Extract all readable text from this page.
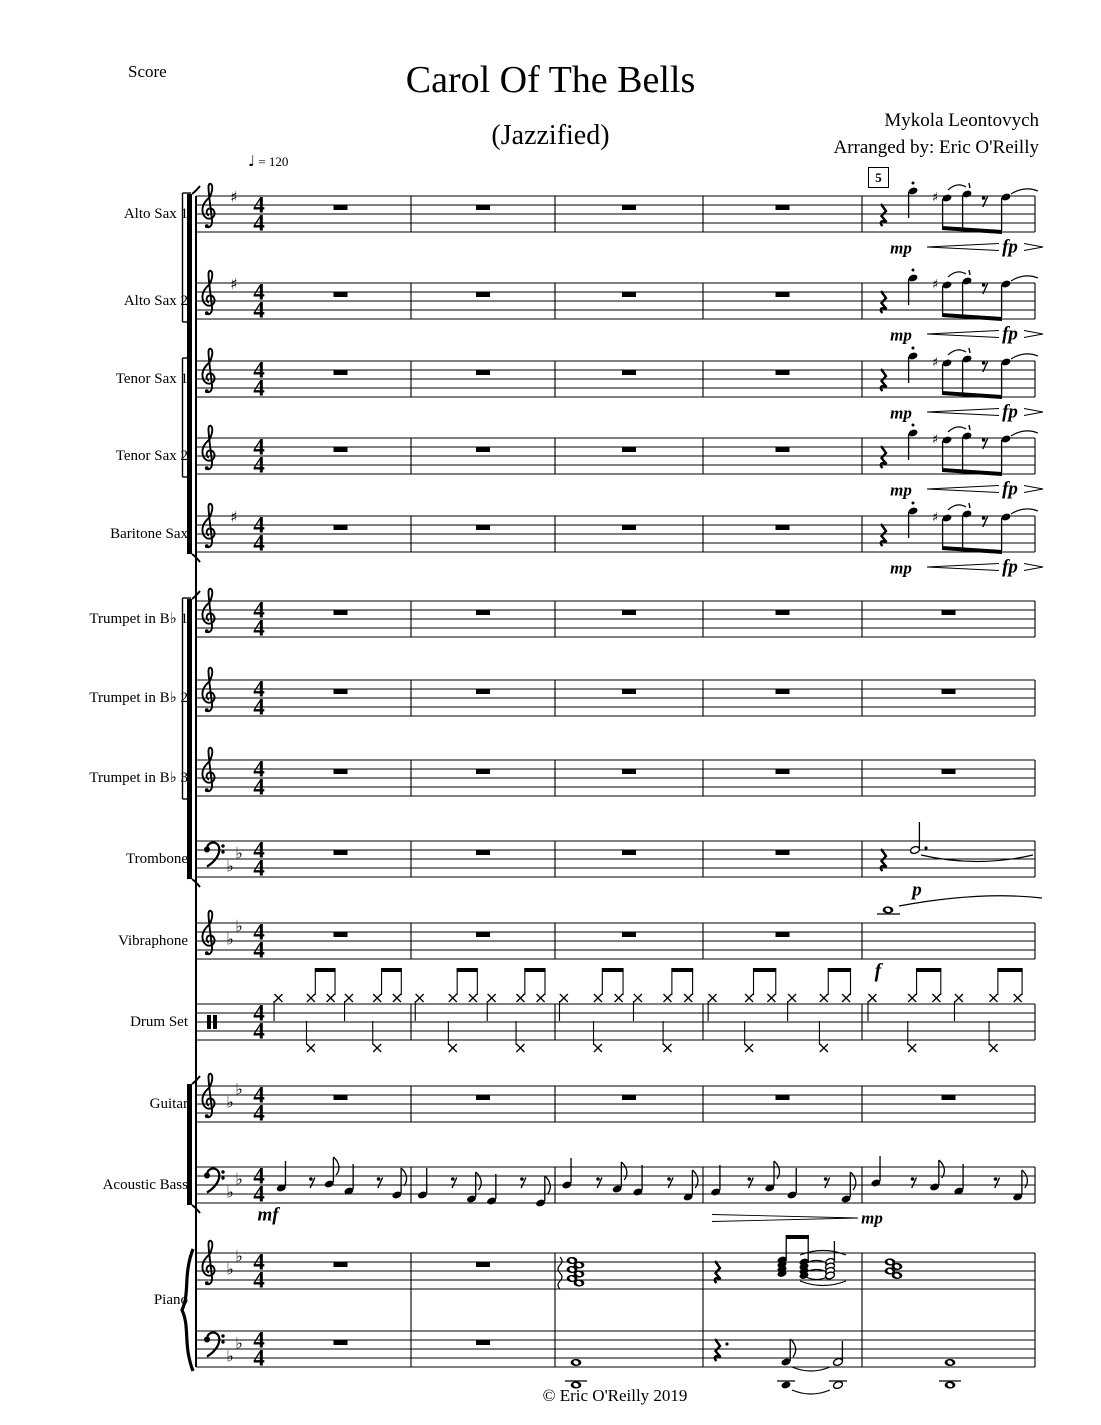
Score	Carol Of The Bells
(Jazzified)	Mykola Leontovych
Arranged by: Eric O'Reilly
♩ = 120
5
♯ 4
4
♯
mp	fp
♯ 4
4
♯
mp	fp
4
4
♯
mp	fp
4
4
♯
mp	fp
♯ 4
4
♯
mp	fp
4
4
4
4
4
4
♭
♭ 4
4
p
♭
♭ 4
4
f
4
4
♭
♭ 4
4
♭
♭ 4
4
mf	mp
♭
♭ 4
4
♭
♭ 4
4
Alto Sax 1
Alto Sax 2
Tenor Sax 1
Tenor Sax 2
Baritone Sax
Trumpet in B♭ 1
Trumpet in B♭ 2
Trumpet in B♭ 3
Trombone
Vibraphone
Drum Set
Guitar
Acoustic Bass
Piano
© Eric O'Reilly 2019
